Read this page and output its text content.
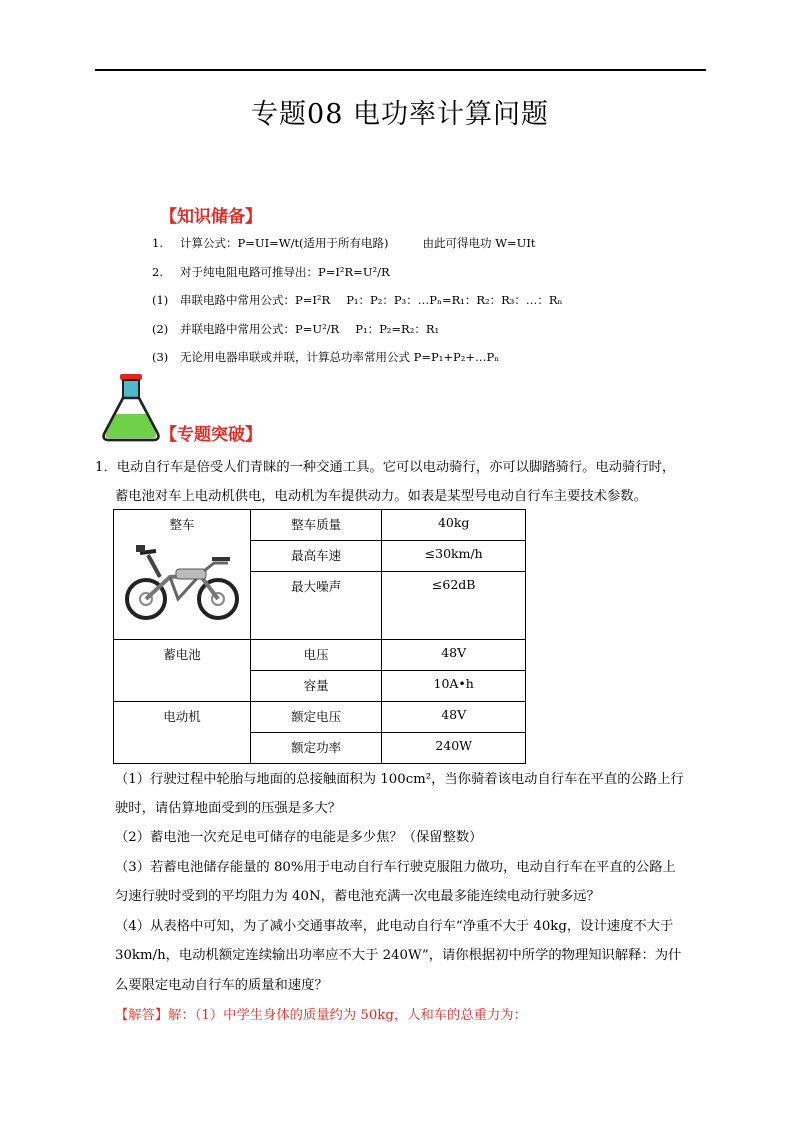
专题08 电功率计算问题
【知识储备】
1. 计算公式：P=UI=W/t(适用于所有电路)	由此可得电功 W=UIt
2. 对于纯电阻电路可推导出：P=I²R=U²/R
(1) 串联电路中常用公式：P=I²R P₁：P₂：P₃：…Pₙ=R₁：R₂：R₃：…：Rₙ
(2) 并联电路中常用公式：P=U²/R P₁：P₂=R₂：R₁
(3) 无论用电器串联或并联，计算总功率常用公式 P=P₁+P₂+…Pₙ
【专题突破】
1．电动自行车是倍受人们青睐的一种交通工具。它可以电动骑行，亦可以脚踏骑行。电动骑行时，
蓄电池对车上电动机供电，电动机为车提供动力。如表是某型号电动自行车主要技术参数。
整车	整车质量	40kg
	最高车速	≤30km/h
	最大噪声	≤62dB
蓄电池	电压	48V
	容量	10A•h
电动机	额定电压	48V
	额定功率	240W
（1）行驶过程中轮胎与地面的总接触面积为 100cm²，当你骑着该电动自行车在平直的公路上行
驶时，请估算地面受到的压强是多大？
（2）蓄电池一次充足电可储存的电能是多少焦？（保留整数）
（3）若蓄电池储存能量的 80%用于电动自行车行驶克服阻力做功，电动自行车在平直的公路上
匀速行驶时受到的平均阻力为 40N，蓄电池充满一次电最多能连续电动行驶多远？
（4）从表格中可知，为了减小交通事故率，此电动自行车“净重不大于 40kg，设计速度不大于
30km/h，电动机额定连续输出功率应不大于 240W”，请你根据初中所学的物理知识解释：为什
么要限定电动自行车的质量和速度？
【解答】解：（1）中学生身体的质量约为 50kg，人和车的总重力为：
